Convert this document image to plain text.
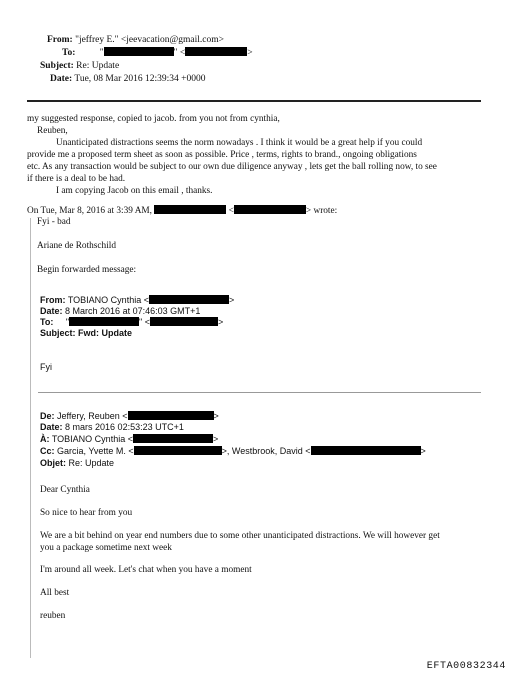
From: "jeffrey E." <jeevacation@gmail.com>
To:	"	" <	>
Subject: Re: Update
Date: Tue, 08 Mar 2016 12:39:34 +0000
my suggested response, copied to jacob. from you not from cynthia,
Reuben,
Unanticipated distractions seems the norm nowadays . I think it would be a great help if you could
provide me a proposed term sheet as soon as possible. Price , terms, rights to brand., ongoing obligations
etc. As any transaction would be subject to our own due diligence anyway , lets get the ball rolling now, to see
if there is a deal to be had.
I am copying Jacob on this email , thanks.
On Tue, Mar 8, 2016 at 3:39 AM,	<	> wrote:
Fyi - bad
Ariane de Rothschild
Begin forwarded message:
From: TOBIANO Cynthia <	>
Date: 8 March 2016 at 07:46:03 GMT+1
To: "	" <	>
Subject: Fwd: Update
Fyi
De: Jeffery, Reuben <	>
Date: 8 mars 2016 02:53:23 UTC+1
À: TOBIANO Cynthia <	>
Cc: Garcia, Yvette M. <	>, Westbrook, David <	>
Objet: Re: Update
Dear Cynthia
So nice to hear from you
We are a bit behind on year end numbers due to some other unanticipated distractions. We will however get
you a package sometime next week
I'm around all week. Let's chat when you have a moment
All best
reuben
EFTA00832344
